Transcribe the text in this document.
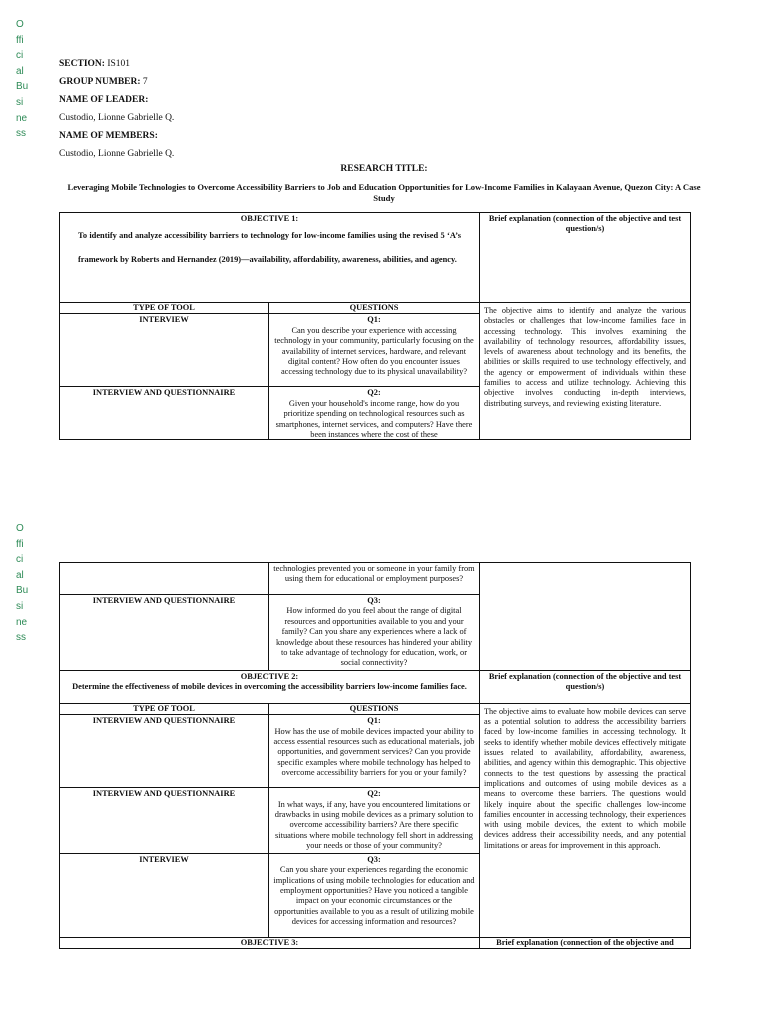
O
ffi
ci
al
Bu
si
ne
ss
O
ffi
ci
al
Bu
si
ne
ss
SECTION: IS101
GROUP NUMBER: 7
NAME OF LEADER:
Custodio, Lionne Gabrielle Q.
NAME OF MEMBERS:
Custodio, Lionne Gabrielle Q.
RESEARCH TITLE:
Leveraging Mobile Technologies to Overcome Accessibility Barriers to Job and Education Opportunities for Low-Income Families in Kalayaan Avenue, Quezon City: A Case Study
OBJECTIVE 1:
To identify and analyze accessibility barriers to technology for low-income families using the revised 5 ‘A’s framework by Roberts and Hernandez (2019)—availability, affordability, awareness, abilities, and agency.		Brief explanation (connection of the objective and test question/s)
TYPE OF TOOL	QUESTIONS	The objective aims to identify and analyze the various obstacles or challenges that low-income families face in accessing technology. This involves examining the availability of technology resources, affordability issues, levels of awareness about technology and its benefits, the abilities or skills required to use technology effectively, and the agency or empowerment of individuals within these families to access and utilize technology. Achieving this objective involves conducting in-depth interviews, distributing surveys, and reviewing existing literature.
INTERVIEW	Q1:
Can you describe your experience with accessing technology in your community, particularly focusing on the availability of internet services, hardware, and relevant digital content? How often do you encounter issues accessing technology due to its physical unavailability?	
INTERVIEW AND QUESTIONNAIRE	Q2:
Given your household's income range, how do you prioritize spending on technological resources such as smartphones, internet services, and computers? Have there been instances where the cost of these	
	technologies prevented you or someone in your family from using them for educational or employment purposes?	
INTERVIEW AND QUESTIONNAIRE	Q3:
How informed do you feel about the range of digital resources and opportunities available to you and your family? Can you share any experiences where a lack of knowledge about these resources has hindered your ability to take advantage of technology for education, work, or social connectivity?	

OBJECTIVE 2:
Determine the effectiveness of mobile devices in overcoming the accessibility barriers low-income families face.		Brief explanation (connection of the objective and test question/s)
TYPE OF TOOL	QUESTIONS	The objective aims to evaluate how mobile devices can serve as a potential solution to address the accessibility barriers faced by low-income families in accessing technology. It seeks to identify whether mobile devices effectively mitigate issues related to availability, affordability, awareness, abilities, and agency within this demographic. This objective connects to the test questions by assessing the practical implications and outcomes of using mobile devices as a means to overcome these barriers. The questions would likely inquire about the specific challenges low-income families encounter in accessing technology, their experiences with using mobile devices, the extent to which mobile devices address their accessibility needs, and any potential limitations or areas for improvement in this approach.
INTERVIEW AND QUESTIONNAIRE	Q1:
How has the use of mobile devices impacted your ability to access essential resources such as educational materials, job opportunities, and government services? Can you provide specific examples where mobile technology has helped to overcome accessibility barriers for you or your family?	
INTERVIEW AND QUESTIONNAIRE	Q2:
In what ways, if any, have you encountered limitations or drawbacks in using mobile devices as a primary solution to overcome accessibility barriers? Are there specific situations where mobile technology fell short in addressing your needs or those of your community?	
INTERVIEW	Q3:
Can you share your experiences regarding the economic implications of using mobile technologies for education and employment opportunities? Have you noticed a tangible impact on your economic circumstances or the opportunities available to you as a result of utilizing mobile devices for accessing information and resources?	
OBJECTIVE 3:		Brief explanation (connection of the objective and
